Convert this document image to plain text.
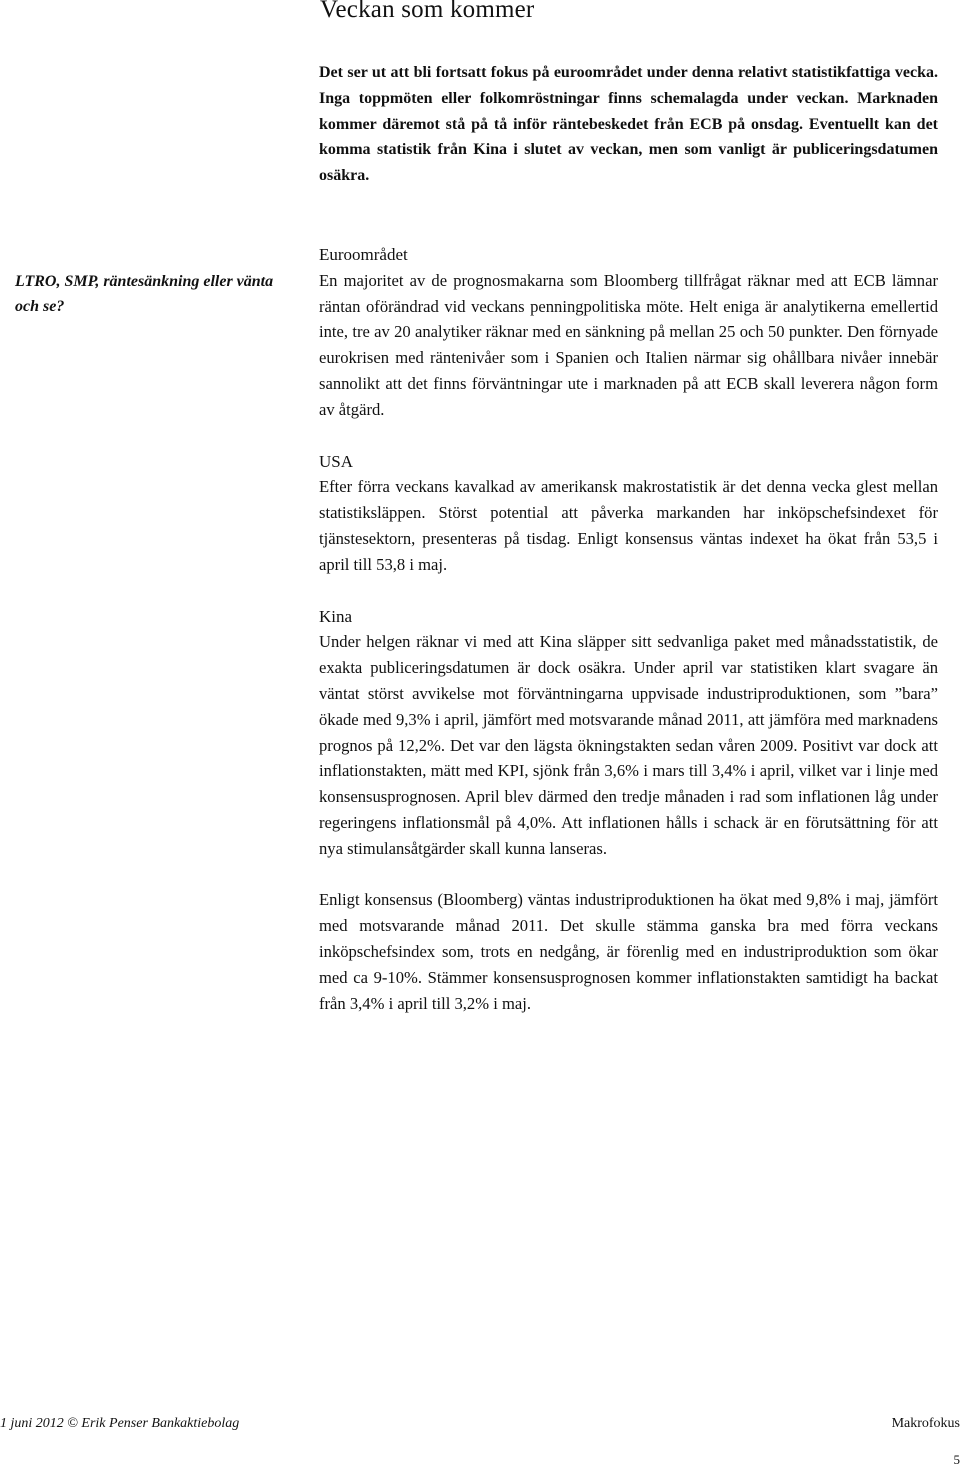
Veckan som kommer

Det ser ut att bli fortsatt fokus på euroområdet under denna relativt statistikfattiga vecka. Inga toppmöten eller folkomröstningar finns schemalagda under veckan. Marknaden kommer däremot stå på tå inför räntebeskedet från ECB på onsdag. Eventuellt kan det komma statistik från Kina i slutet av veckan, men som vanligt är publiceringsdatumen osäkra.

LTRO, SMP, räntesänkning eller vänta och se?

Euroområdet

En majoritet av de prognosmakarna som Bloomberg tillfrågat räknar med att ECB lämnar räntan oförändrad vid veckans penningpolitiska möte. Helt eniga är analytikerna emellertid inte, tre av 20 analytiker räknar med en sänkning på mellan 25 och 50 punkter. Den förnyade eurokrisen med räntenivåer som i Spanien och Italien närmar sig ohållbara nivåer innebär sannolikt att det finns förväntningar ute i marknaden på att ECB skall leverera någon form av åtgärd.

USA

Efter förra veckans kavalkad av amerikansk makrostatistik är det denna vecka glest mellan statistiksläppen. Störst potential att påverka markanden har inköpschefsindexet för tjänstesektorn, presenteras på tisdag. Enligt konsensus väntas indexet ha ökat från 53,5 i april till 53,8 i maj.

Kina

Under helgen räknar vi med att Kina släpper sitt sedvanliga paket med månadsstatistik, de exakta publiceringsdatumen är dock osäkra. Under april var statistiken klart svagare än väntat störst avvikelse mot förväntningarna uppvisade industriproduktionen, som ”bara” ökade med 9,3% i april, jämfört med motsvarande månad 2011, att jämföra med marknadens prognos på 12,2%. Det var den lägsta ökningstakten sedan våren 2009. Positivt var dock att inflationstakten, mätt med KPI, sjönk från 3,6% i mars till 3,4% i april, vilket var i linje med konsensusprognosen. April blev därmed den tredje månaden i rad som inflationen låg under regeringens inflationsmål på 4,0%. Att inflationen hålls i schack är en förutsättning för att nya stimulansåtgärder skall kunna lanseras.

Enligt konsensus (Bloomberg) väntas industriproduktionen ha ökat med 9,8% i maj, jämfört med motsvarande månad 2011. Det skulle stämma ganska bra med förra veckans inköpschefsindex som, trots en nedgång, är förenlig med en industriproduktion som ökar med ca 9-10%. Stämmer konsensusprognosen kommer inflationstakten samtidigt ha backat från 3,4% i april till 3,2% i maj.

1 juni 2012 © Erik Penser Bankaktiebolag	Makrofokus
5
